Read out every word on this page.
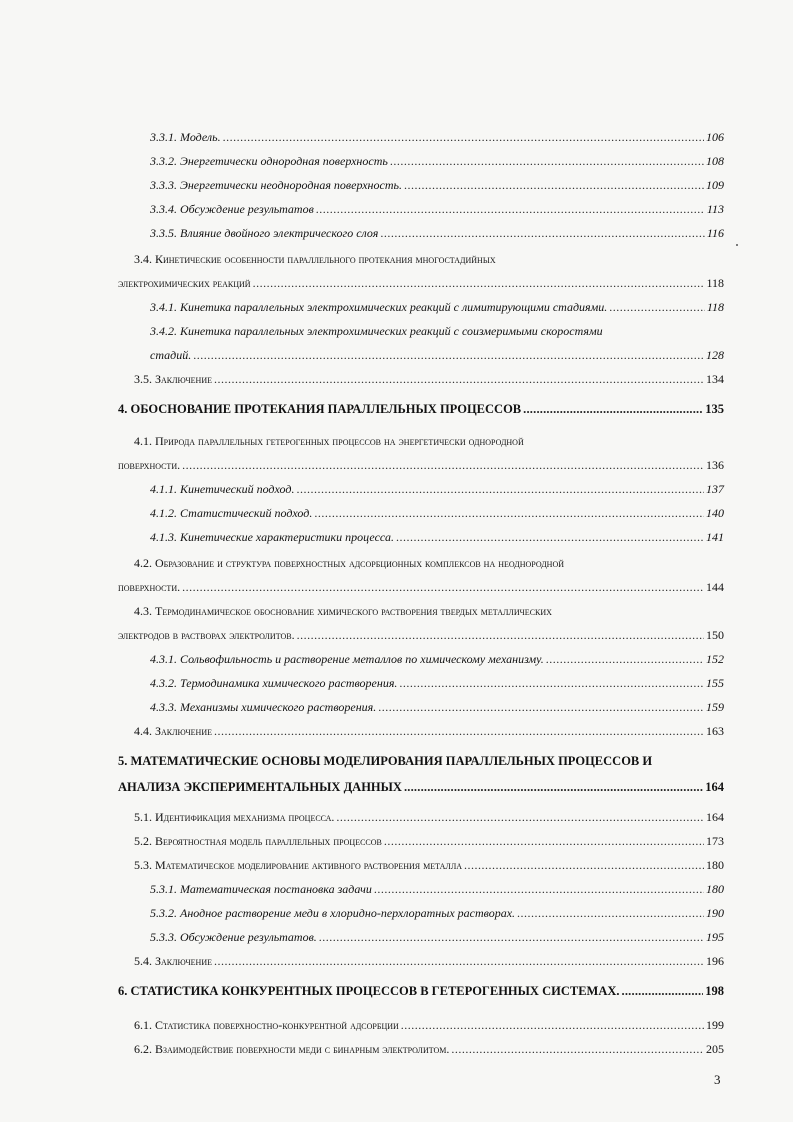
3.3.1. Модель. .....	106
3.3.2. Энергетически однородная поверхность .....	108
3.3.3. Энергетически неоднородная поверхность. .....	109
3.3.4. Обсуждение результатов .....	113
3.3.5. Влияние двойного электрического слоя .....	116
3.4. Кинетические особенности параллельного протекания многостадийных
электрохимических реакций .....	118
3.4.1. Кинетика параллельных электрохимических реакций с лимитирующими стадиями. .....	118
3.4.2. Кинетика параллельных электрохимических реакций с соизмеримыми скоростями
стадий. .....	128
3.5. Заключение .....	134
4. ОБОСНОВАНИЕ ПРОТЕКАНИЯ ПАРАЛЛЕЛЬНЫХ ПРОЦЕССОВ .....	135
4.1. Природа параллельных гетерогенных процессов на энергетически однородной
поверхности. .....	136
4.1.1. Кинетический подход. .....	137
4.1.2. Статистический подход. .....	140
4.1.3. Кинетические характеристики процесса. .....	141
4.2. Образование и структура поверхностных адсорбционных комплексов на неоднородной
поверхности. .....	144
4.3. Термодинамическое обоснование химического растворения твердых металлических
электродов в растворах электролитов. .....	150
4.3.1. Сольвофильность и растворение металлов по химическому механизму. .....	152
4.3.2. Термодинамика химического растворения. .....	155
4.3.3. Механизмы химического растворения. .....	159
4.4. Заключение .....	163
5. МАТЕМАТИЧЕСКИЕ ОСНОВЫ МОДЕЛИРОВАНИЯ ПАРАЛЛЕЛЬНЫХ ПРОЦЕССОВ И
АНАЛИЗА ЭКСПЕРИМЕНТАЛЬНЫХ ДАННЫХ .....	164
5.1. Идентификация механизма процесса. .....	164
5.2. Вероятностная модель параллельных процессов .....	173
5.3. Математическое моделирование активного растворения металла .....	180
5.3.1. Математическая постановка задачи .....	180
5.3.2. Анодное растворение меди в хлоридно-перхлоратных растворах. .....	190
5.3.3. Обсуждение результатов. .....	195
5.4. Заключение .....	196
6. СТАТИСТИКА КОНКУРЕНТНЫХ ПРОЦЕССОВ В ГЕТЕРОГЕННЫХ СИСТЕМАХ. .....	198
6.1. Статистика поверхностно-конкурентной адсорбции .....	199
6.2. Взаимодействие поверхности меди с бинарным электролитом. .....	205
3
